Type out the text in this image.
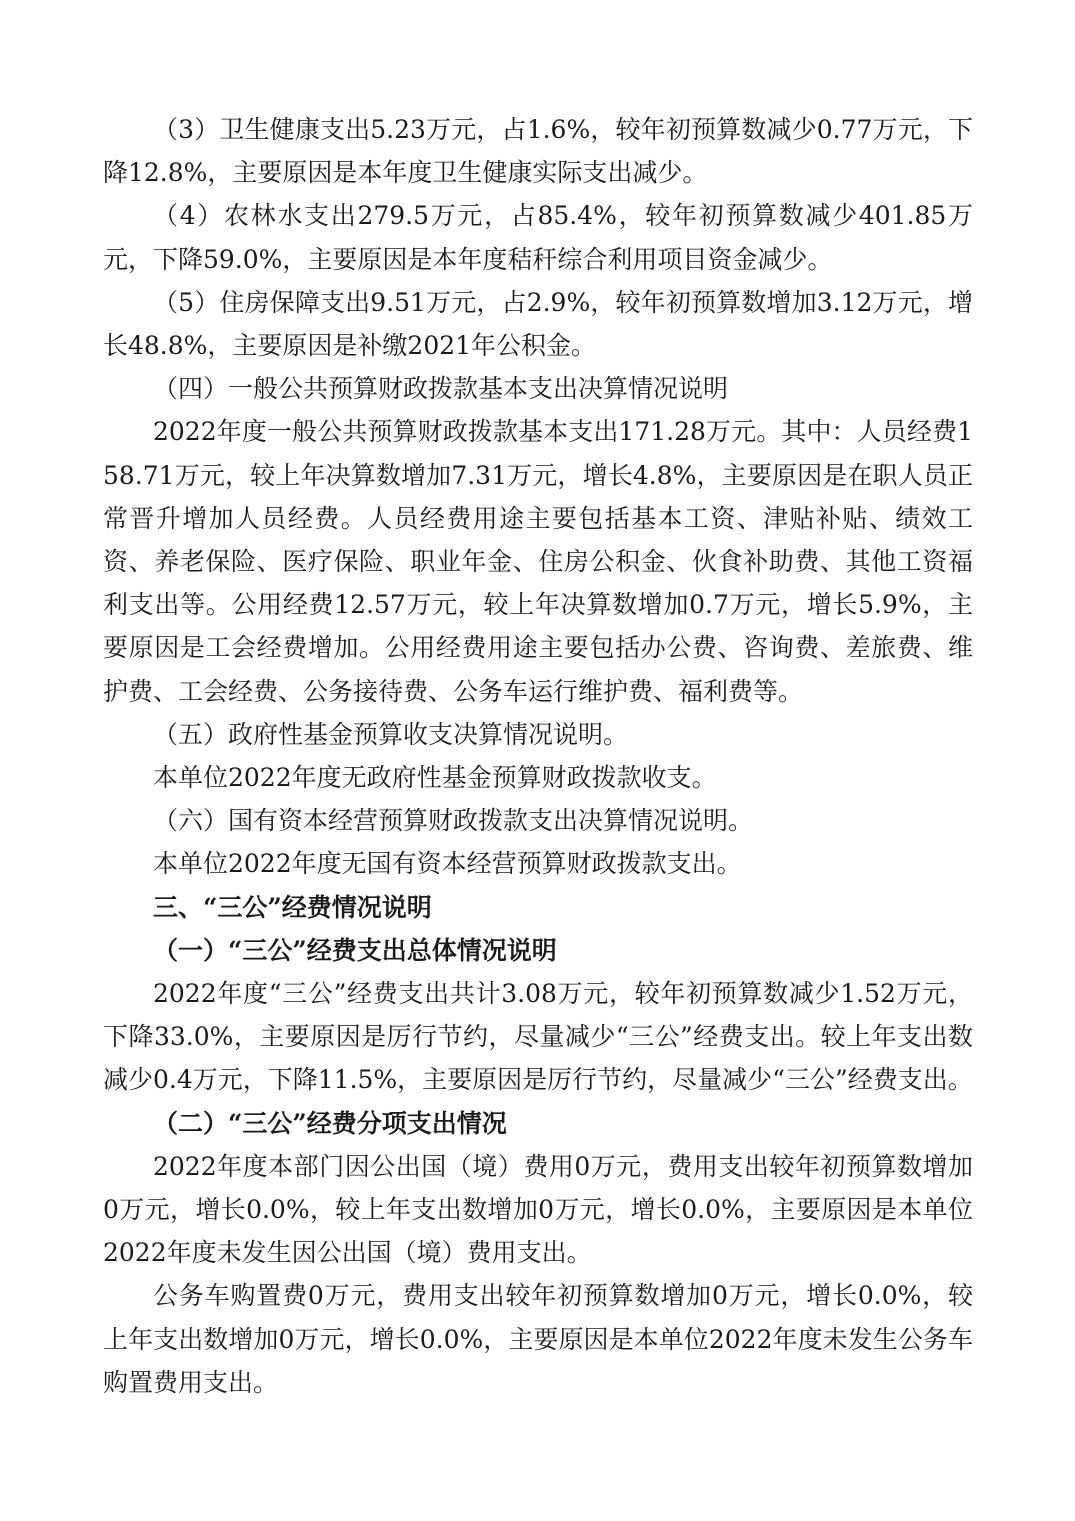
（3）卫生健康支出5.23万元，占1.6%，较年初预算数减少0.77万元，下降12.8%，主要原因是本年度卫生健康实际支出减少。

（4）农林水支出279.5万元，占85.4%，较年初预算数减少401.85万元，下降59.0%，主要原因是本年度秸秆综合利用项目资金减少。

（5）住房保障支出9.51万元，占2.9%，较年初预算数增加3.12万元，增长48.8%，主要原因是补缴2021年公积金。

（四）一般公共预算财政拨款基本支出决算情况说明

2022年度一般公共预算财政拨款基本支出171.28万元。其中：人员经费158.71万元，较上年决算数增加7.31万元，增长4.8%，主要原因是在职人员正常晋升增加人员经费。人员经费用途主要包括基本工资、津贴补贴、绩效工资、养老保险、医疗保险、职业年金、住房公积金、伙食补助费、其他工资福利支出等。公用经费12.57万元，较上年决算数增加0.7万元，增长5.9%，主要原因是工会经费增加。公用经费用途主要包括办公费、咨询费、差旅费、维护费、工会经费、公务接待费、公务车运行维护费、福利费等。

（五）政府性基金预算收支决算情况说明。

本单位2022年度无政府性基金预算财政拨款收支。

（六）国有资本经营预算财政拨款支出决算情况说明。

本单位2022年度无国有资本经营预算财政拨款支出。

三、“三公”经费情况说明

（一）“三公”经费支出总体情况说明

2022年度“三公”经费支出共计3.08万元，较年初预算数减少1.52万元，下降33.0%，主要原因是厉行节约，尽量减少“三公”经费支出。较上年支出数减少0.4万元，下降11.5%，主要原因是厉行节约，尽量减少“三公”经费支出。

（二）“三公”经费分项支出情况

2022年度本部门因公出国（境）费用0万元，费用支出较年初预算数增加0万元，增长0.0%，较上年支出数增加0万元，增长0.0%，主要原因是本单位2022年度未发生因公出国（境）费用支出。

公务车购置费0万元，费用支出较年初预算数增加0万元，增长0.0%，较上年支出数增加0万元，增长0.0%，主要原因是本单位2022年度未发生公务车购置费用支出。
